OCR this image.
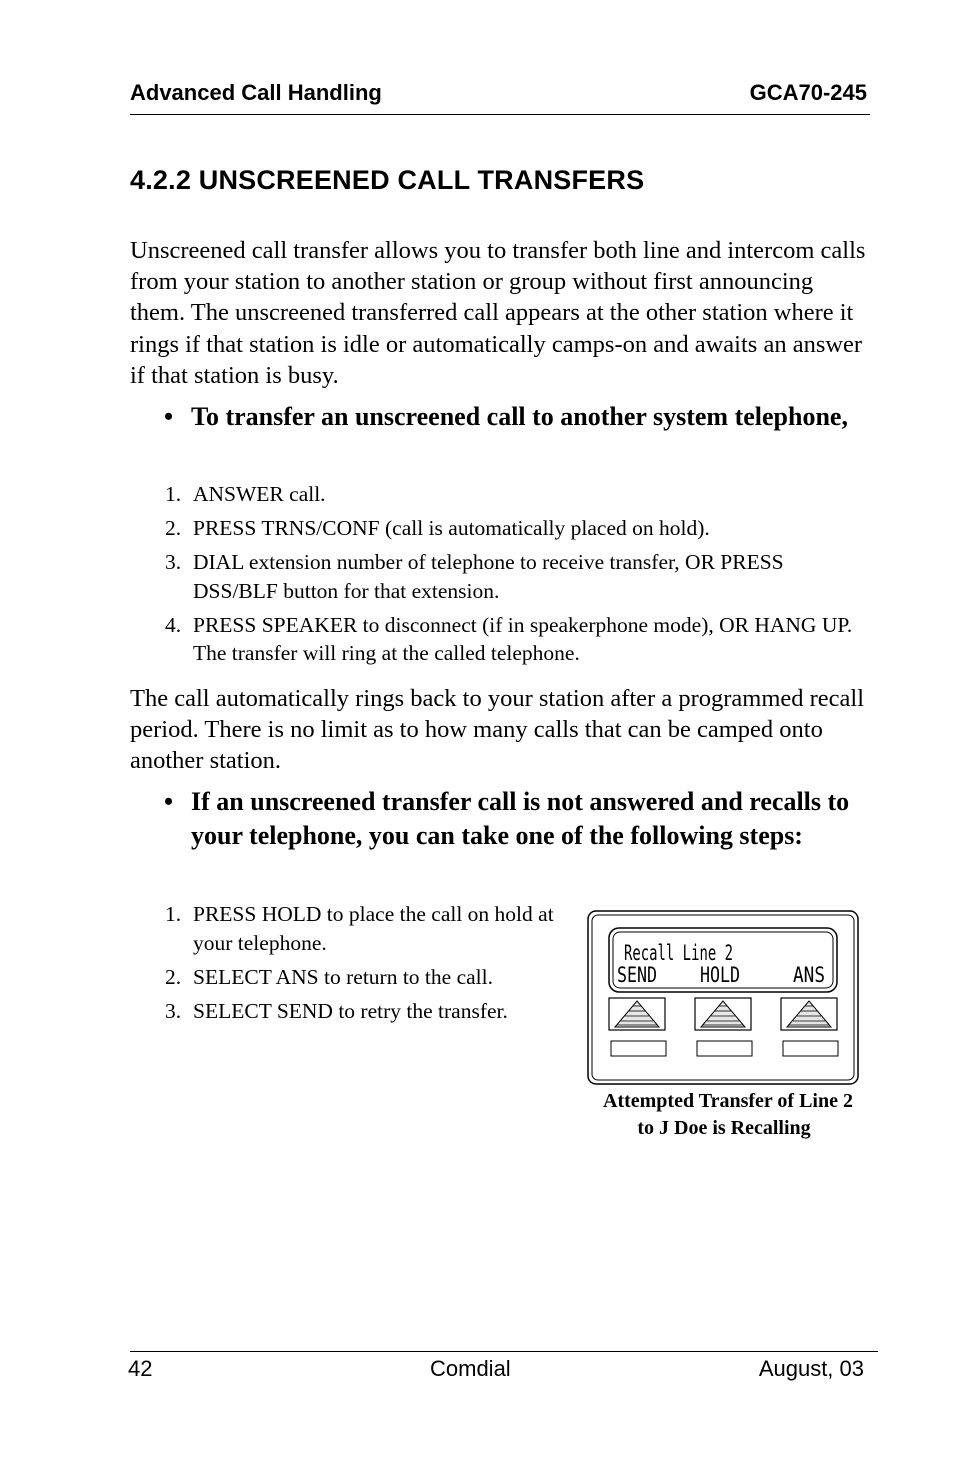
Advanced Call Handling	GCA70-245
4.2.2 UNSCREENED CALL TRANSFERS
Unscreened call transfer allows you to transfer both line and intercom calls from your station to another station or group without first announcing them. The unscreened transferred call appears at the other station where it rings if that station is idle or automatically camps-on and awaits an answer if that station is busy.
• To transfer an unscreened call to another system telephone,
1. ANSWER call.
2. PRESS TRNS/CONF (call is automatically placed on hold).
3. DIAL extension number of telephone to receive transfer, OR PRESS DSS/BLF button for that extension.
4. PRESS SPEAKER to disconnect (if in speakerphone mode), OR HANG UP. The transfer will ring at the called telephone.
The call automatically rings back to your station after a programmed recall period. There is no limit as to how many calls that can be camped onto another station.
• If an unscreened transfer call is not answered and recalls to your telephone, you can take one of the following steps:
1. PRESS HOLD to place the call on hold at your telephone.
2. SELECT ANS to return to the call.
3. SELECT SEND to retry the transfer.
Recall Line 2
SEND HOLD	ANS
Attempted Transfer of Line 2
to J Doe is Recalling
42	Comdial	August, 03
